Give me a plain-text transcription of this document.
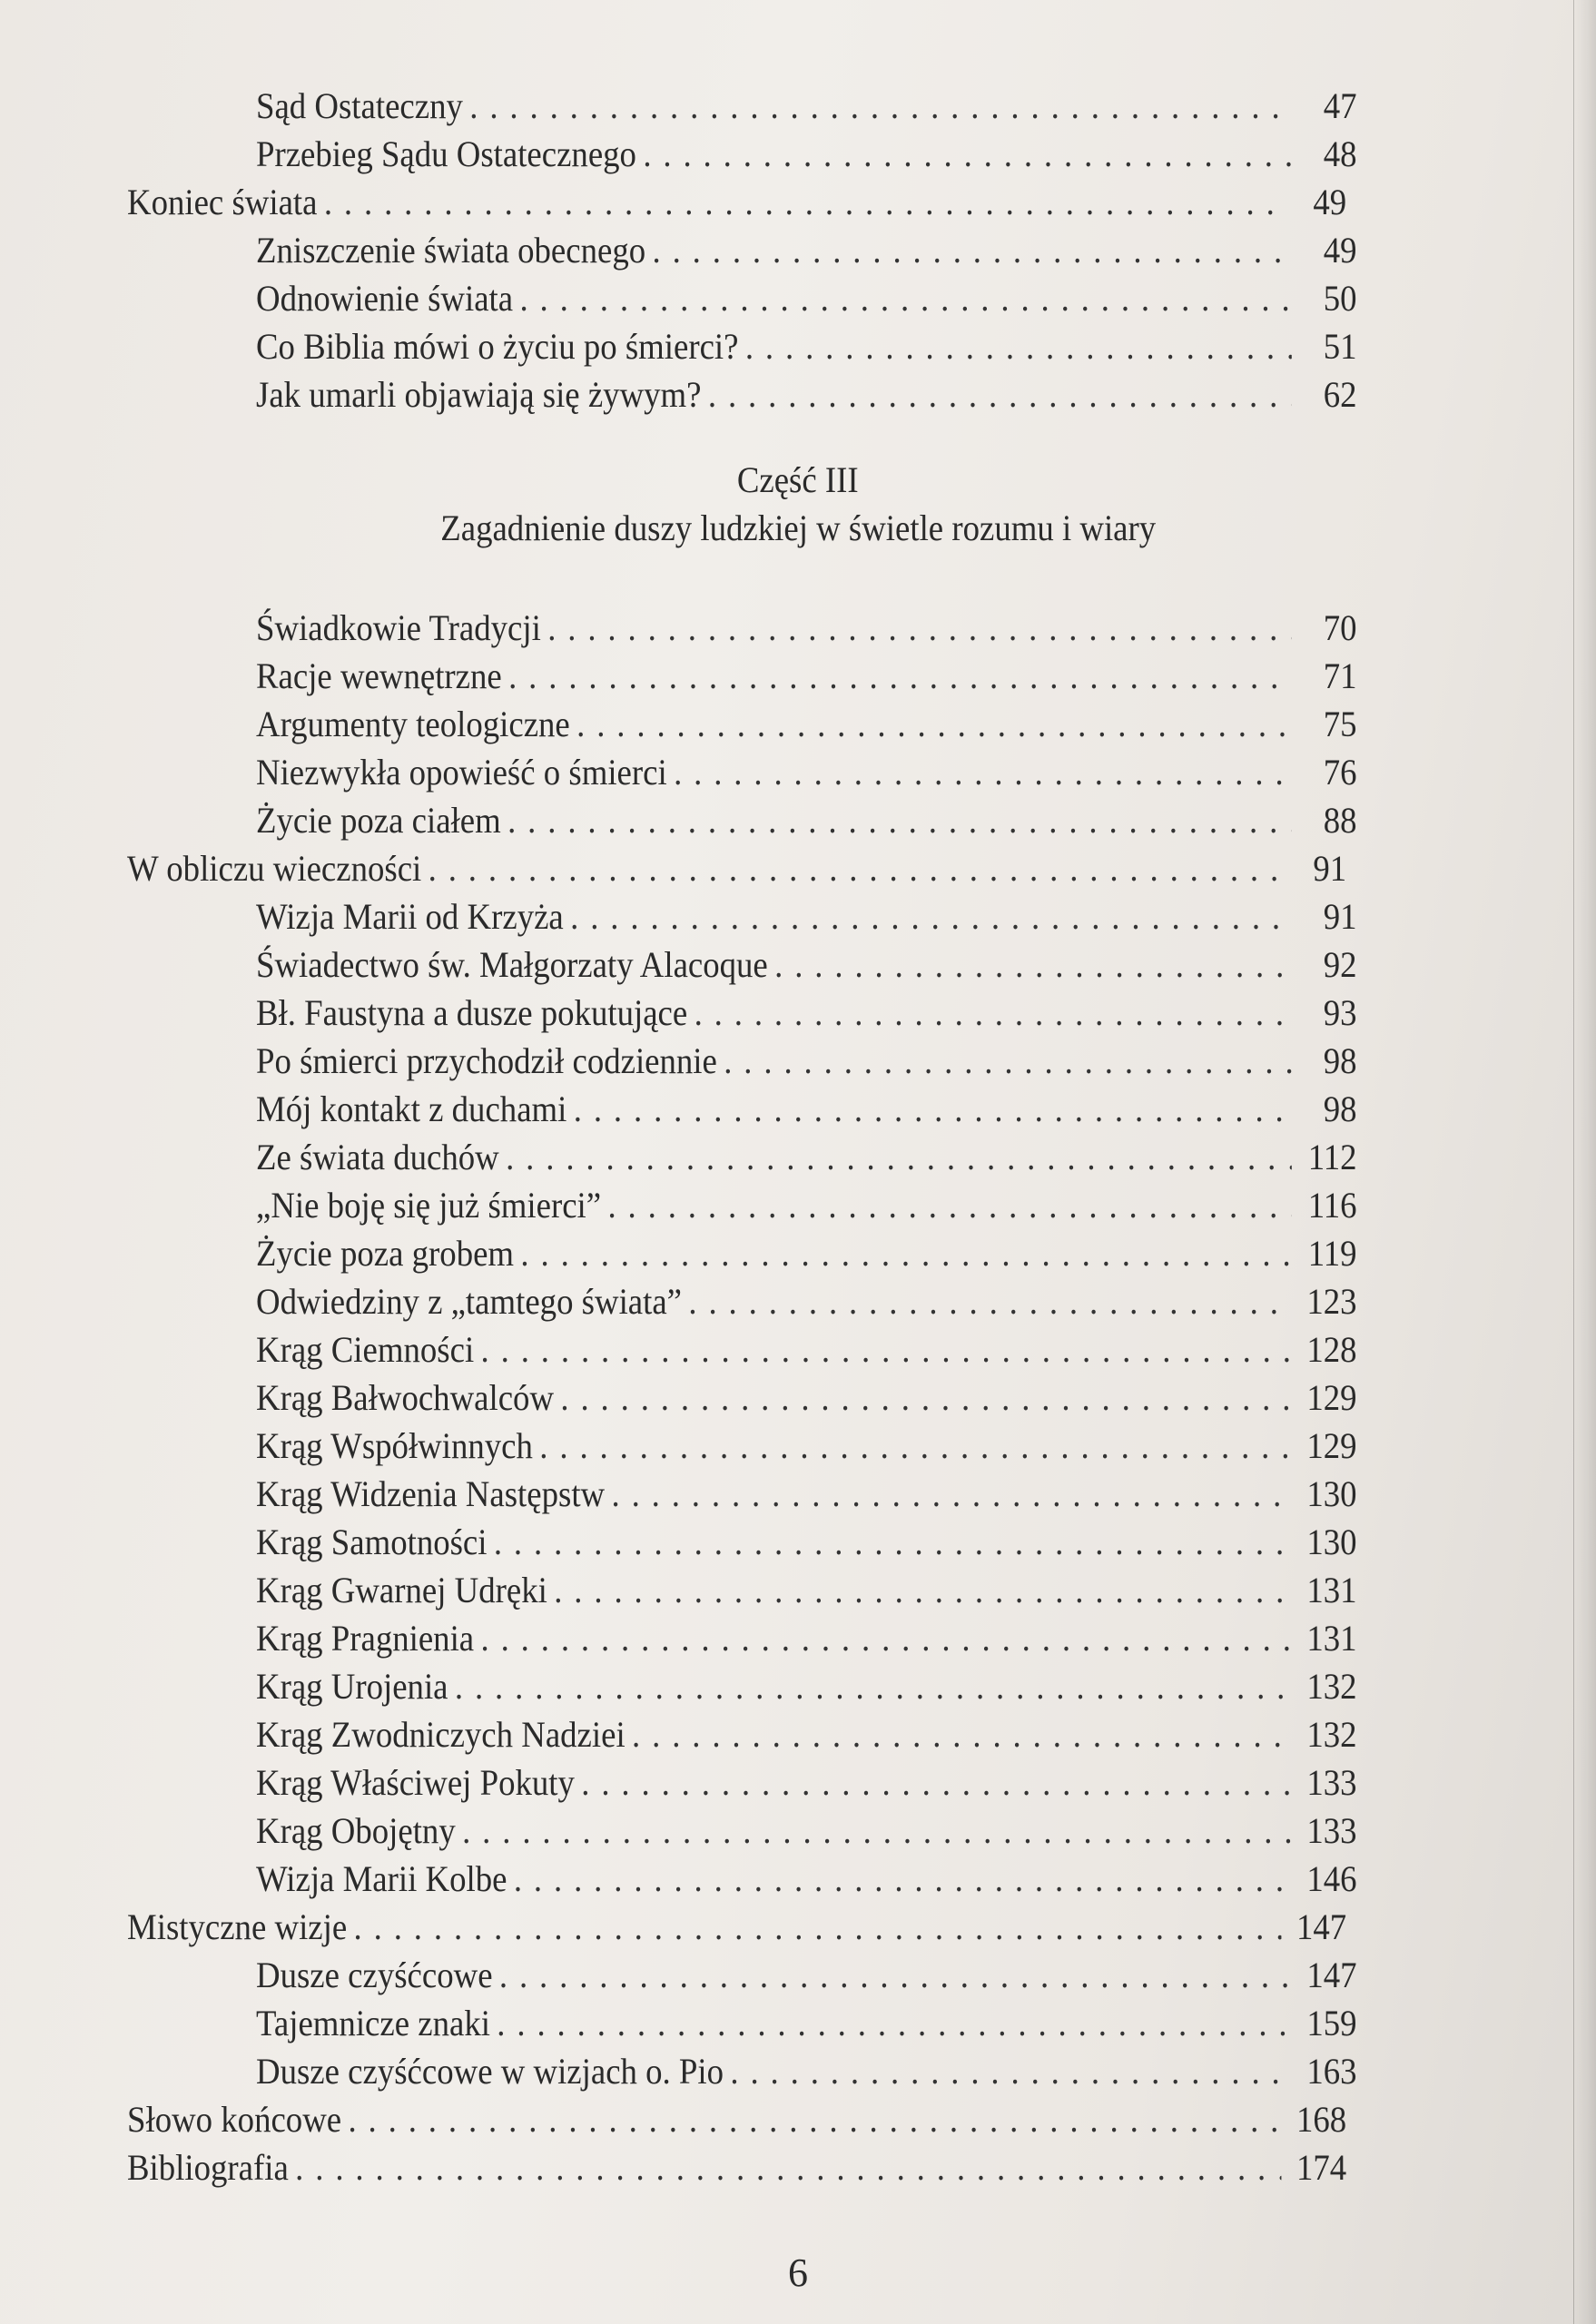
Sąd Ostateczny . . .	47
Przebieg Sądu Ostatecznego . . .	48
Koniec świata . . .	49
Zniszczenie świata obecnego . . .	49
Odnowienie świata . . .	50
Co Biblia mówi o życiu po śmierci? . . .	51
Jak umarli objawiają się żywym? . . .	62
Część III
Zagadnienie duszy ludzkiej w świetle rozumu i wiary
Świadkowie Tradycji . . .	70
Racje wewnętrzne . . .	71
Argumenty teologiczne . . .	75
Niezwykła opowieść o śmierci . . .	76
Życie poza ciałem . . .	88
W obliczu wieczności . . .	91
Wizja Marii od Krzyża . . .	91
Świadectwo św. Małgorzaty Alacoque . . .	92
Bł. Faustyna a dusze pokutujące . . .	93
Po śmierci przychodził codziennie . . .	98
Mój kontakt z duchami . . .	98
Ze świata duchów . . .	112
„Nie boję się już śmierci” . . .	116
Życie poza grobem . . .	119
Odwiedziny z „tamtego świata” . . .	123
Krąg Ciemności . . .	128
Krąg Bałwochwalców . . .	129
Krąg Współwinnych . . .	129
Krąg Widzenia Następstw . . .	130
Krąg Samotności . . .	130
Krąg Gwarnej Udręki . . .	131
Krąg Pragnienia . . .	131
Krąg Urojenia . . .	132
Krąg Zwodniczych Nadziei . . .	132
Krąg Właściwej Pokuty . . .	133
Krąg Obojętny . . .	133
Wizja Marii Kolbe . . .	146
Mistyczne wizje . . .	147
Dusze czyśćcowe . . .	147
Tajemnicze znaki . . .	159
Dusze czyśćcowe w wizjach o. Pio . . .	163
Słowo końcowe . . .	168
Bibliografia . . .	174
6
